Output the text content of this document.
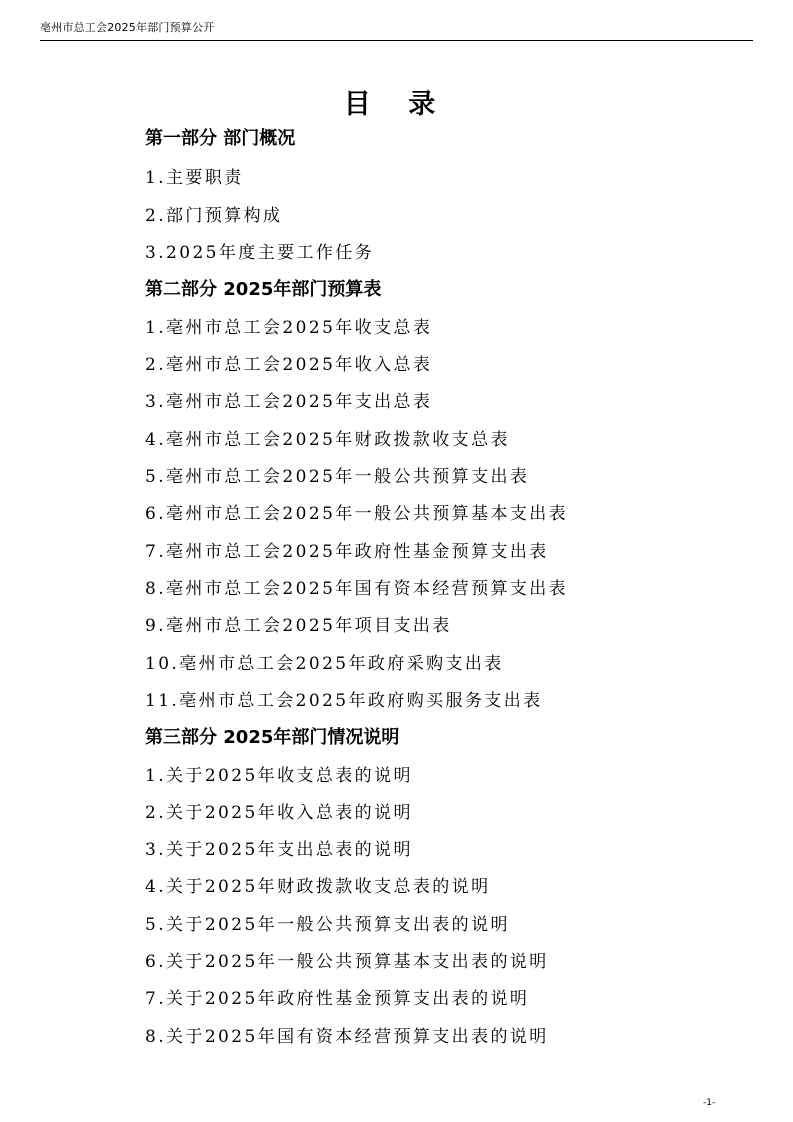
亳州市总工会2025年部门预算公开
目 录
第一部分 部门概况
1.主要职责
2.部门预算构成
3.2025年度主要工作任务
第二部分 2025年部门预算表
1.亳州市总工会2025年收支总表
2.亳州市总工会2025年收入总表
3.亳州市总工会2025年支出总表
4.亳州市总工会2025年财政拨款收支总表
5.亳州市总工会2025年一般公共预算支出表
6.亳州市总工会2025年一般公共预算基本支出表
7.亳州市总工会2025年政府性基金预算支出表
8.亳州市总工会2025年国有资本经营预算支出表
9.亳州市总工会2025年项目支出表
10.亳州市总工会2025年政府采购支出表
11.亳州市总工会2025年政府购买服务支出表
第三部分 2025年部门情况说明
1.关于2025年收支总表的说明
2.关于2025年收入总表的说明
3.关于2025年支出总表的说明
4.关于2025年财政拨款收支总表的说明
5.关于2025年一般公共预算支出表的说明
6.关于2025年一般公共预算基本支出表的说明
7.关于2025年政府性基金预算支出表的说明
8.关于2025年国有资本经营预算支出表的说明
-1-
